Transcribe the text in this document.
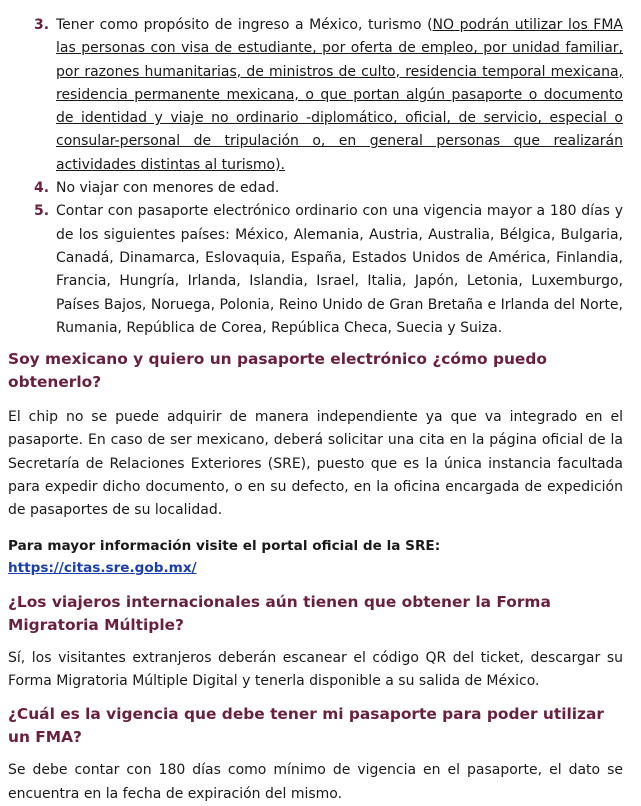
3. Tener como propósito de ingreso a México, turismo (NO podrán utilizar los FMA las personas con visa de estudiante, por oferta de empleo, por unidad familiar, por razones humanitarias, de ministros de culto, residencia temporal mexicana, residencia permanente mexicana, o que portan algún pasaporte o documento de identidad y viaje no ordinario -diplomático, oficial, de servicio, especial o consular-personal de tripulación o, en general personas que realizarán actividades distintas al turismo).
4. No viajar con menores de edad.
5. Contar con pasaporte electrónico ordinario con una vigencia mayor a 180 días y de los siguientes países: México, Alemania, Austria, Australia, Bélgica, Bulgaria, Canadá, Dinamarca, Eslovaquia, España, Estados Unidos de América, Finlandia, Francia, Hungría, Irlanda, Islandia, Israel, Italia, Japón, Letonia, Luxemburgo, Países Bajos, Noruega, Polonia, Reino Unido de Gran Bretaña e Irlanda del Norte, Rumania, República de Corea, República Checa, Suecia y Suiza.
Soy mexicano y quiero un pasaporte electrónico ¿cómo puedo obtenerlo?

El chip no se puede adquirir de manera independiente ya que va integrado en el pasaporte. En caso de ser mexicano, deberá solicitar una cita en la página oficial de la Secretaría de Relaciones Exteriores (SRE), puesto que es la única instancia facultada para expedir dicho documento, o en su defecto, en la oficina encargada de expedición de pasaportes de su localidad.

Para mayor información visite el portal oficial de la SRE:  https://citas.sre.gob.mx/
¿Los viajeros internacionales aún tienen que obtener la Forma Migratoria Múltiple?

Sí, los visitantes extranjeros deberán escanear el código QR del ticket, descargar su Forma Migratoria Múltiple Digital y tenerla disponible a su salida de México.

¿Cuál es la vigencia que debe tener mi pasaporte para poder utilizar un FMA?

Se debe contar con 180 días como mínimo de vigencia en el pasaporte, el dato se encuentra en la fecha de expiración del mismo.
